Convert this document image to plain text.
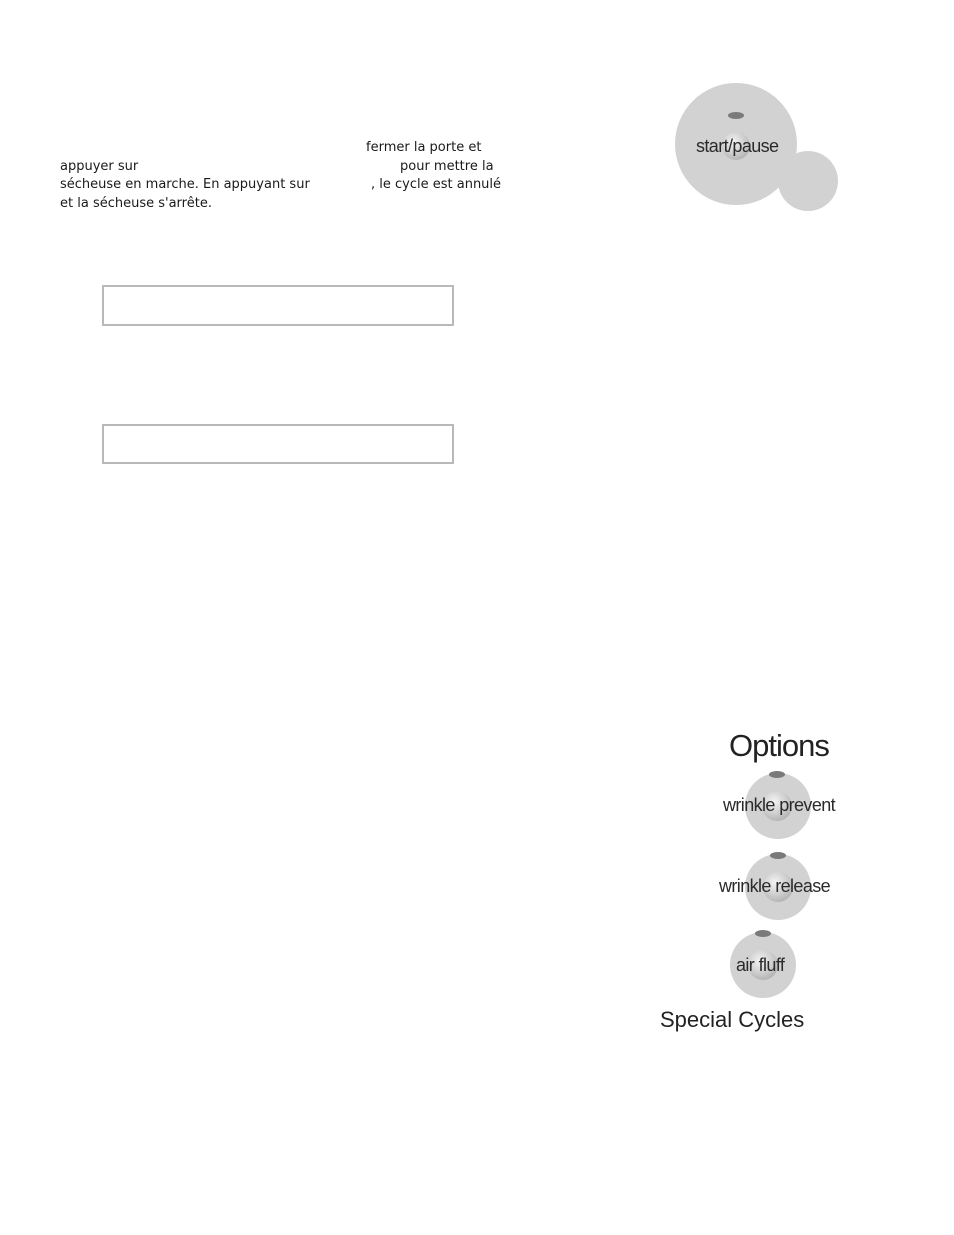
fermer la porte et
appuyer sur	pour mettre la
sécheuse en marche. En appuyant sur	, le cycle est annulé
et la sécheuse s'arrête.
start/pause
Options
wrinkle prevent
wrinkle release
air fluff
Special Cycles
